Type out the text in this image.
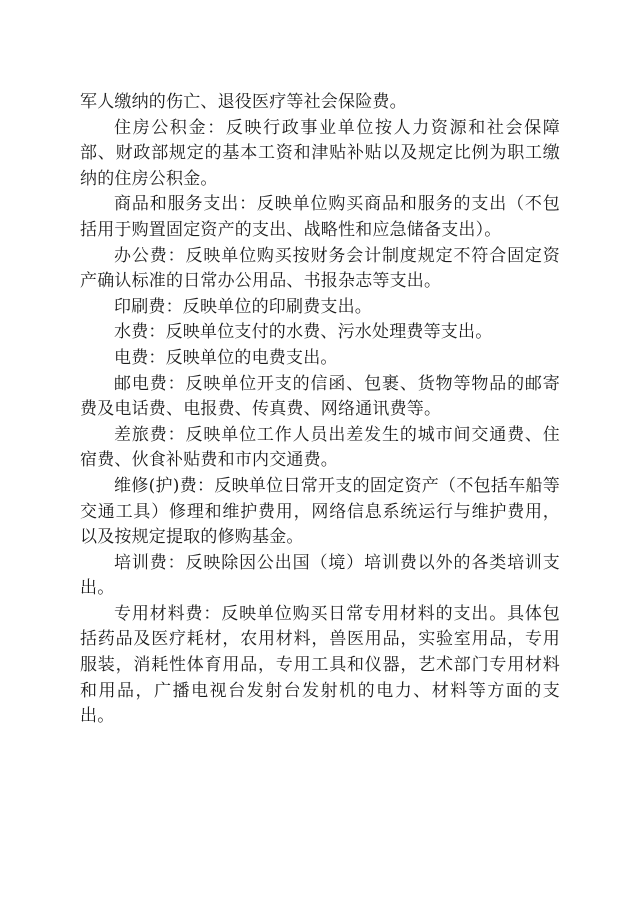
军人缴纳的伤亡、退役医疗等社会保险费。

住房公积金：反映行政事业单位按人力资源和社会保障部、财政部规定的基本工资和津贴补贴以及规定比例为职工缴纳的住房公积金。

商品和服务支出：反映单位购买商品和服务的支出（不包括用于购置固定资产的支出、战略性和应急储备支出）。

办公费：反映单位购买按财务会计制度规定不符合固定资产确认标准的日常办公用品、书报杂志等支出。

印刷费：反映单位的印刷费支出。

水费：反映单位支付的水费、污水处理费等支出。

电费：反映单位的电费支出。

邮电费：反映单位开支的信函、包裹、货物等物品的邮寄费及电话费、电报费、传真费、网络通讯费等。

差旅费：反映单位工作人员出差发生的城市间交通费、住宿费、伙食补贴费和市内交通费。

维修(护)费：反映单位日常开支的固定资产（不包括车船等交通工具）修理和维护费用，网络信息系统运行与维护费用，以及按规定提取的修购基金。

培训费：反映除因公出国（境）培训费以外的各类培训支出。

专用材料费：反映单位购买日常专用材料的支出。具体包括药品及医疗耗材，农用材料，兽医用品，实验室用品，专用服装，消耗性体育用品，专用工具和仪器，艺术部门专用材料和用品，广播电视台发射台发射机的电力、材料等方面的支出。
